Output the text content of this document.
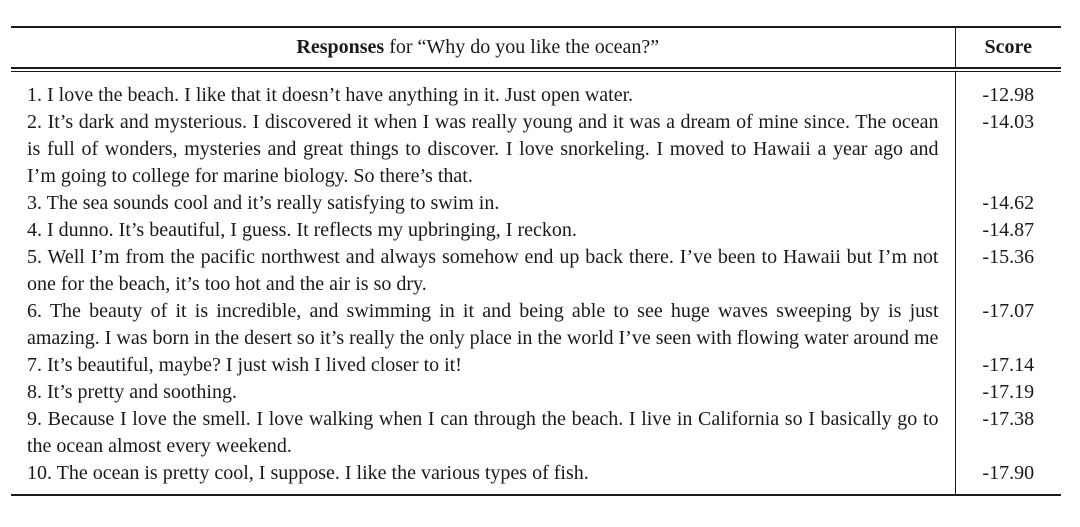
Responses for “Why do you like the ocean?”	Score

1. I love the beach. I like that it doesn’t have anything in it. Just open water.	-12.98
2. It’s dark and mysterious. I discovered it when I was really young and it was a dream of mine since. The ocean is full of wonders, mysteries and great things to discover. I love snorkeling. I moved to Hawaii a year ago and I’m going to college for marine biology. So there’s that.	-14.03
3. The sea sounds cool and it’s really satisfying to swim in.	-14.62
4. I dunno. It’s beautiful, I guess. It reflects my upbringing, I reckon.	-14.87
5. Well I’m from the pacific northwest and always somehow end up back there. I’ve been to Hawaii but I’m not one for the beach, it’s too hot and the air is so dry.	-15.36
6. The beauty of it is incredible, and swimming in it and being able to see huge waves sweeping by is just amazing. I was born in the desert so it’s really the only place in the world I’ve seen with flowing water around me	-17.07
7. It’s beautiful, maybe? I just wish I lived closer to it!	-17.14
8. It’s pretty and soothing.	-17.19
9. Because I love the smell. I love walking when I can through the beach. I live in California so I basically go to the ocean almost every weekend.	-17.38
10. The ocean is pretty cool, I suppose. I like the various types of fish.	-17.90
